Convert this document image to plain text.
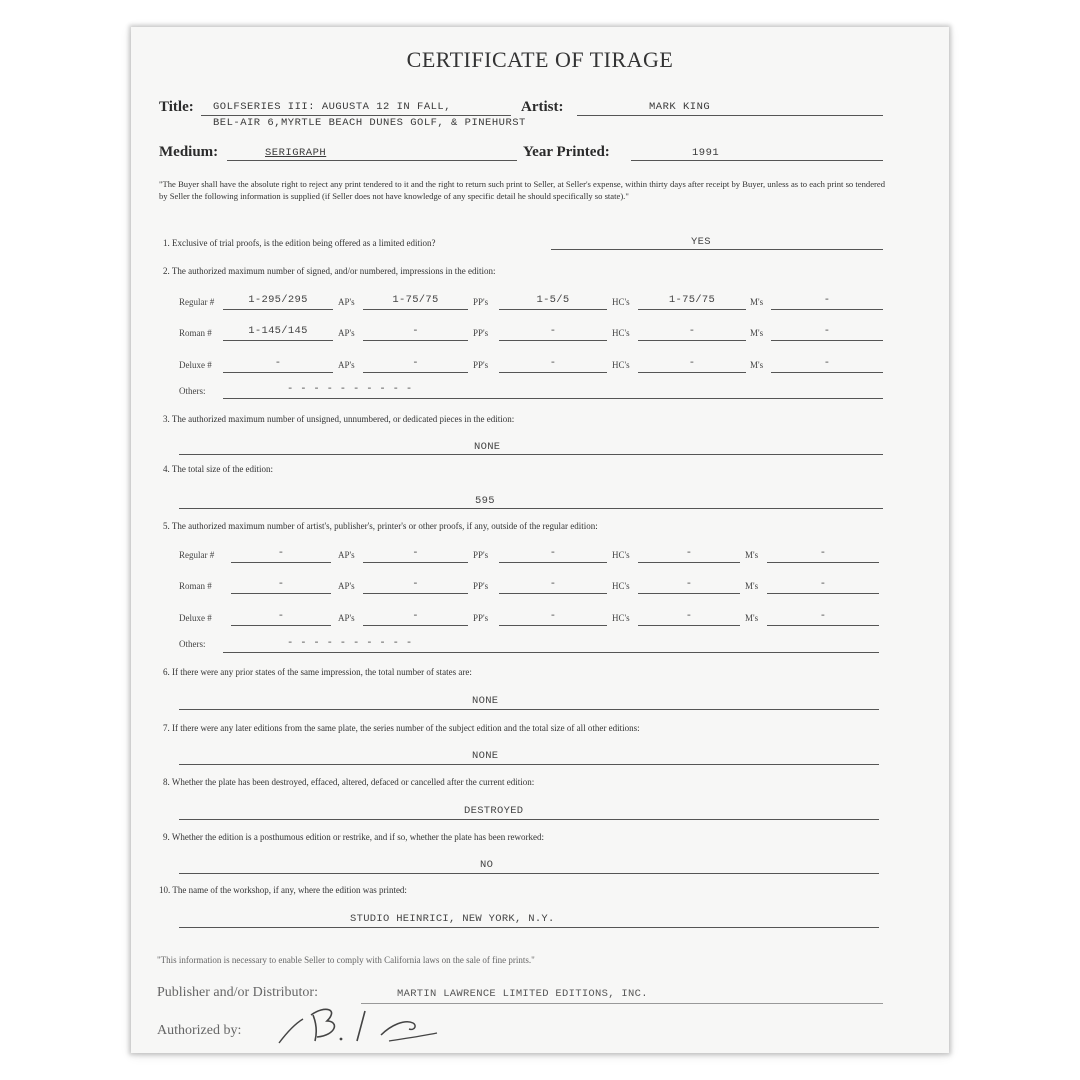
CERTIFICATE OF TIRAGE
Title: GOLFSERIES III: AUGUSTA 12 IN FALL,	Artist:	MARK KING
BEL-AIR 6,MYRTLE BEACH DUNES GOLF, & PINEHURST
Medium:	SERIGRAPH	Year Printed:	1991
"The Buyer shall have the absolute right to reject any print tendered to it and the right to return such print to Seller, at Seller's expense, within thirty days after receipt by Buyer, unless as to each print so tendered by Seller the following information is supplied (if Seller does not have knowledge of any specific detail he should specifically so state)."
1. Exclusive of trial proofs, is the edition being offered as a limited edition?	YES
2. The authorized maximum number of signed, and/or numbered, impressions in the edition:
Regular #	1-295/295	AP's	1-75/75	PP's	1-5/5	HC's	1-75/75	M's	-
Roman #	1-145/145	AP's	-	PP's	-	HC's	-	M's	-
Deluxe #	-	AP's	-	PP's	-	HC's	-	M's	-
Others:	- - - - - - - - - -
3. The authorized maximum number of unsigned, unnumbered, or dedicated pieces in the edition:
NONE
4. The total size of the edition:
595
5. The authorized maximum number of artist's, publisher's, printer's or other proofs, if any, outside of the regular edition:
Regular #	-	AP's	-	PP's	-	HC's	-	M's	-
Roman #	-	AP's	-	PP's	-	HC's	-	M's	-
Deluxe #	-	AP's	-	PP's	-	HC's	-	M's	-
Others:	- - - - - - - - - -
6. If there were any prior states of the same impression, the total number of states are:
NONE
7. If there were any later editions from the same plate, the series number of the subject edition and the total size of all other editions:
NONE
8. Whether the plate has been destroyed, effaced, altered, defaced or cancelled after the current edition:
DESTROYED
9. Whether the edition is a posthumous edition or restrike, and if so, whether the plate has been reworked:
NO
10. The name of the workshop, if any, where the edition was printed:
STUDIO HEINRICI, NEW YORK, N.Y.
"This information is necessary to enable Seller to comply with California laws on the sale of fine prints."
Publisher and/or Distributor:	MARTIN LAWRENCE LIMITED EDITIONS, INC.
Authorized by:
